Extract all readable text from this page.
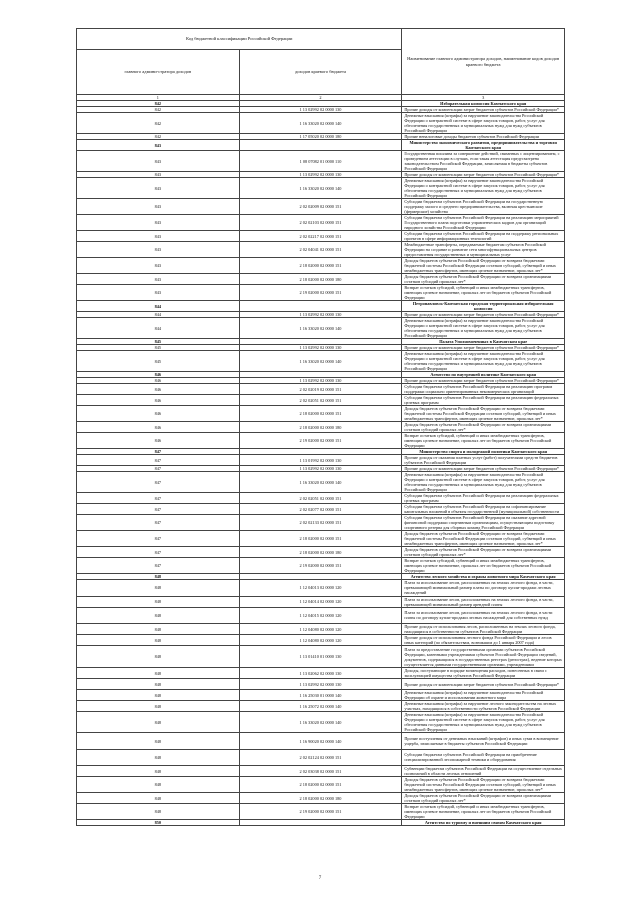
Код бюджетной классификации Российской Федерации		Наименование главного администратора доходов, наименование кодов доходов краевого бюджета
главного админи-стратора доходов	доходов краевого бюджета	
1	2	3
842		Избирательная комиссия Камчатского края
842	1 13 02992 02 0000 130	Прочие доходы от компенсации затрат бюджетов субъектов Российской Федерации*
842	1 16 33020 02 0000 140	Денежные взыскания (штрафы) за нарушение законодательства Российской Федерации о контрактной системе в сфере закупок товаров, работ, услуг для обеспечения государственных и муниципальных нужд для нужд субъектов Российской Федерации
842	1 17 05020 02 0000 180	Прочие неналоговые доходы бюджетов субъектов Российской Федерации
843		Министерство экономического развития, предпринимательства и торговли Камчатского края
843	1 08 07082 01 0000 110	Государственная пошлина за совершение действий, связанных с лицензированием, с проведением аттестации в случаях, если такая аттестация предусмотрена законодательством Российской Федерации, зачисляемая в бюджеты субъектов Российской Федерации
843	1 13 02992 02 0000 130	Прочие доходы от компенсации затрат бюджетов субъектов Российской Федерации*
843	1 16 33020 02 0000 140	Денежные взыскания (штрафы) за нарушение законодательства Российской Федерации о контрактной системе в сфере закупок товаров, работ, услуг для обеспечения государственных и муниципальных нужд для нужд субъектов Российской Федерации
843	2 02 02009 02 0000 151	Субсидии бюджетам субъектов Российской Федерации на государственную поддержку малого и среднего предпринимательства, включая крестьянские (фермерские) хозяйства
843	2 02 02103 02 0000 151	Субсидии бюджетам субъектов Российской Федерации на реализацию мероприятий Государственного плана подготовки управленческих кадров для организаций народного хозяйства Российской Федерации
843	2 02 02217 02 0000 151	Субсидии бюджетам субъектов Российской Федерации на поддержку региональных проектов в сфере информационных технологий
843	2 02 04041 02 0000 151	Межбюджетные трансферты, передаваемые бюджетам субъектов Российской Федерации на создание и развитие сети многофункциональных центров предоставления государственных и муниципальных услуг
843	2 18 02000 02 0000 151	Доходы бюджетов субъектов Российской Федерации от возврата бюджетами бюджетной системы Российской Федерации остатков субсидий, субвенций и иных межбюджетных трансфертов, имеющих целевое назначение, прошлых лет*
843	2 18 02000 02 0000 180	Доходы бюджетов субъектов Российской Федерации от возврата организациями остатков субсидий прошлых лет*
843	2 19 02000 02 0000 151	Возврат остатков субсидий, субвенций и иных межбюджетных трансфертов, имеющих целевое назначение, прошлых лет из бюджетов субъектов Российской Федерации
844		Петропавловск-Камчатская городская территориальная избирательная комиссия
844	1 13 02992 02 0000 130	Прочие доходы от компенсации затрат бюджетов субъектов Российской Федерации*
844	1 16 33020 02 0000 140	Денежные взыскания (штрафы) за нарушение законодательства Российской Федерации о контрактной системе в сфере закупок товаров, работ, услуг для обеспечения государственных и муниципальных нужд для нужд субъектов Российской Федерации
845		Палата Уполномоченных в Камчатском крае
845	1 13 02992 02 0000 130	Прочие доходы от компенсации затрат бюджетов субъектов Российской Федерации*
845	1 16 33020 02 0000 140	Денежные взыскания (штрафы) за нарушение законодательства Российской Федерации о контрактной системе в сфере закупок товаров, работ, услуг для обеспечения государственных и муниципальных нужд для нужд субъектов Российской Федерации
846		Агентство по внутренней политике Камчатского края
846	1 13 02992 02 0000 130	Прочие доходы от компенсации затрат бюджетов субъектов Российской Федерации*
846	2 02 02019 02 0000 151	Субсидии бюджетам субъектов Российской Федерации на реализацию программ поддержки социально ориентированных некоммерческих организаций
846	2 02 02051 02 0000 151	Субсидии бюджетам субъектов Российской Федерации на реализацию федеральных целевых программ
846	2 18 02000 02 0000 151	Доходы бюджетов субъектов Российской Федерации от возврата бюджетами бюджетной системы Российской Федерации остатков субсидий, субвенций и иных межбюджетных трансфертов, имеющих целевое назначение, прошлых лет*
846	2 18 02000 02 0000 180	Доходы бюджетов субъектов Российской Федерации от возврата организациями остатков субсидий прошлых лет*
846	2 19 02000 02 0000 151	Возврат остатков субсидий, субвенций и иных межбюджетных трансфертов, имеющих целевое назначение, прошлых лет из бюджетов субъектов Российской Федерации
847		Министерство спорта и молодежной политики Камчатского края
847	1 13 01992 02 0000 130	Прочие доходы от оказания платных услуг (работ) получателями средств бюджетов субъектов Российской Федерации
847	1 13 02992 02 0000 130	Прочие доходы от компенсации затрат бюджетов субъектов Российской Федерации*
847	1 16 33020 02 0000 140	Денежные взыскания (штрафы) за нарушение законодательства Российской Федерации о контрактной системе в сфере закупок товаров, работ, услуг для обеспечения государственных и муниципальных нужд для нужд субъектов Российской Федерации
847	2 02 02051 02 0000 151	Субсидии бюджетам субъектов Российской Федерации на реализацию федеральных целевых программ
847	2 02 02077 02 0000 151	Субсидии бюджетам субъектов Российской Федерации на софинансирование капитальных вложений в объекты государственной (муниципальной) собственности
847	2 02 02133 02 0000 151	Субсидии бюджетам субъектов Российской Федерации на оказание адресной финансовой поддержки спортивным организациям, осуществляющим подготовку спортивного резерва для сборных команд Российской Федерации
847	2 18 02000 02 0000 151	Доходы бюджетов субъектов Российской Федерации от возврата бюджетами бюджетной системы Российской Федерации остатков субсидий, субвенций и иных межбюджетных трансфертов, имеющих целевое назначение, прошлых лет*
847	2 18 02000 02 0000 180	Доходы бюджетов субъектов Российской Федерации от возврата организациями остатков субсидий прошлых лет*
847	2 19 02000 02 0000 151	Возврат остатков субсидий, субвенций и иных межбюджетных трансфертов, имеющих целевое назначение, прошлых лет из бюджетов субъектов Российской Федерации
848		Агентство лесного хозяйства и охраны животного мира Камчатского края
848	1 12 04013 02 0000 120	Плата за использование лесов, расположенных на землях лесного фонда, в части, превышающей минимальный размер платы по договору купли-продажи лесных насаждений
848	1 12 04014 02 0000 120	Плата за использование лесов, расположенных на землях лесного фонда, в части, превышающей минимальный размер арендной платы
848	1 12 04015 02 0000 120	Плата за использование лесов, расположенных на землях лесного фонда, в части платы по договору купли-продажи лесных насаждений для собственных нужд
848	1 12 04080 02 0000 120	Прочие доходы от использования лесов, расположенных на землях лесного фонда, находящихся в собственности субъектов Российской Федерации
848	1 12 04080 02 0000 120	Прочие доходы от использования лесного фонда Российской Федерации и лесов иных категорий (по обязательствам, возникшим до 1 января 2007 года)
848	1 13 01410 01 0000 130	Плата за предоставление государственными органами субъектов Российской Федерации, казенными учреждениями субъектов Российской Федерации сведений, документов, содержащихся в государственных реестрах (регистрах), ведение которых осуществляется данными государственными органами, учреждениями
848	1 13 02062 02 0000 130	Доходы, поступающие в порядке возмещения расходов, понесенных в связи с эксплуатацией имущества субъектов Российской Федерации
848	1 13 02992 02 0000 130	Прочие доходы от компенсации затрат бюджетов субъектов Российской Федерации*
848	1 16 25030 01 0000 140	Денежные взыскания (штрафы) за нарушение законодательства Российской Федерации об охране и использовании животного мира
848	1 16 25072 02 0000 140	Денежные взыскания (штрафы) за нарушение лесного законодательства на лесных участках, находящихся в собственности субъектов Российской Федерации
848	1 16 33020 02 0000 140	Денежные взыскания (штрафы) за нарушение законодательства Российской Федерации о контрактной системе в сфере закупок товаров, работ, услуг для обеспечения государственных и муниципальных нужд для нужд субъектов Российской Федерации
848	1 16 90020 02 0000 140	Прочие поступления от денежных взысканий (штрафов) и иных сумм в возмещение ущерба, зачисляемые в бюджеты субъектов Российской Федерации
848	2 02 02124 02 0000 151	Субсидии бюджетам субъектов Российской Федерации на приобретение специализированной лесопожарной техники и оборудования
848	2 02 03038 02 0000 151	Субвенции бюджетам субъектов Российской Федерации на осуществление отдельных полномочий в области лесных отношений
848	2 18 02000 02 0000 151	Доходы бюджетов субъектов Российской Федерации от возврата бюджетами бюджетной системы Российской Федерации остатков субсидий, субвенций и иных межбюджетных трансфертов, имеющих целевое назначение, прошлых лет*
848	2 18 02000 02 0000 180	Доходы бюджетов субъектов Российской Федерации от возврата организациями остатков субсидий прошлых лет*
848	2 19 02000 02 0000 151	Возврат остатков субсидий, субвенций и иных межбюджетных трансфертов, имеющих целевое назначение, прошлых лет из бюджетов субъектов Российской Федерации
850		Агентство по туризму и внешним связям Камчатского края
7
